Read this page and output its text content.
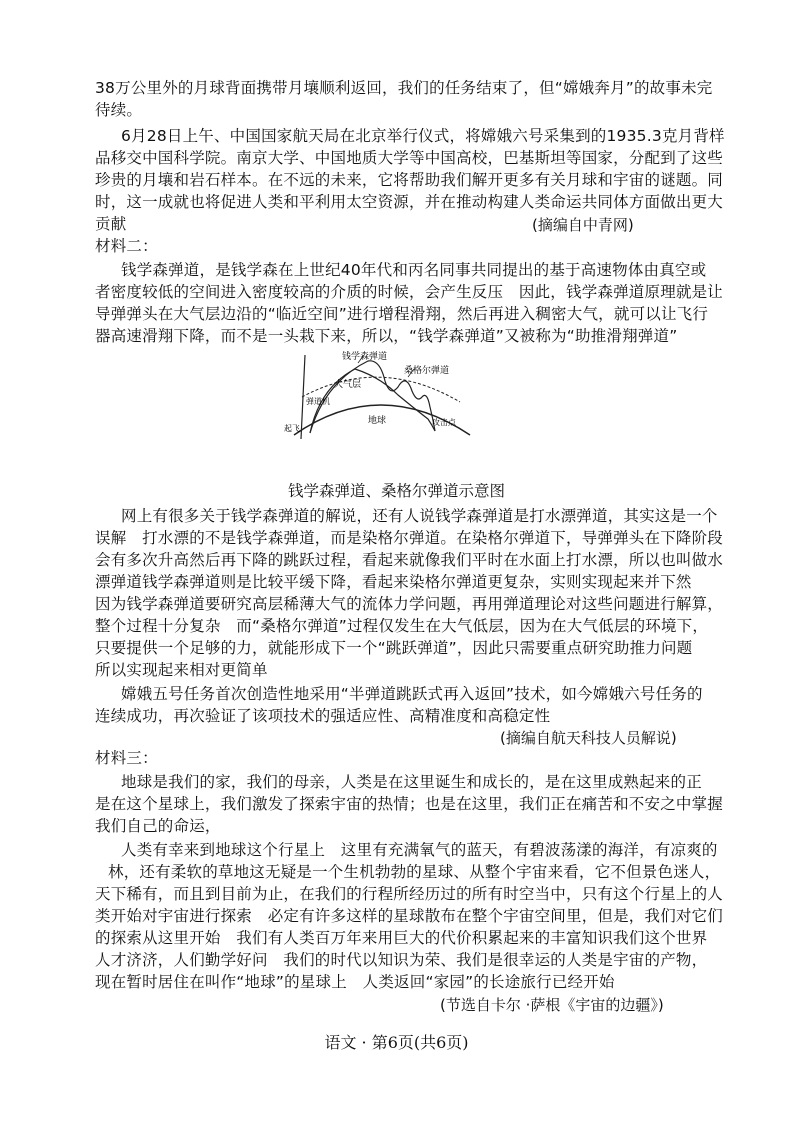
38万公里外的月球背面携带月壤顺利返回，我们的任务结束了，但“嫦娥奔月”的故事未完
待续。
6月28日上午、中国国家航天局在北京举行仪式，将嫦娥六号采集到的1935.3克月背样
品移交中国科学院。南京大学、中国地质大学等中国高校，巴基斯坦等国家，分配到了这些
珍贵的月壤和岩石样本。在不远的未来，它将帮助我们解开更多有关月球和宇宙的谜题。同
时，这一成就也将促进人类和平利用太空资源，并在推动构建人类命运共同体方面做出更大
贡献	(摘编自中青网)
材料二：
钱学森弹道，是钱学森在上世纪40年代和丙名同事共同提出的基于高速物体由真空或
者密度较低的空间进入密度较高的介质的时候，会产生反压　因此，钱学森弹道原理就是让
导弹弹头在大气层边沿的“临近空间”进行增程滑翔，然后再进入稠密大气，就可以让飞行
器高速滑翔下降，而不是一头栽下来，所以，“钱学森弹道”又被称为“助推滑翔弹道”
钱学森弹道
桑格尔弹道
大气层
弹道机
地球
起飞
攻击点
钱学森弹道、桑格尔弹道示意图
网上有很多关于钱学森弹道的解说，还有人说钱学森弹道是打水漂弹道，其实这是一个
误解　打水漂的不是钱学森弹道，而是染格尔弹道。在染格尔弹道下，导弹弹头在下降阶段
会有多次升高然后再下降的跳跃过程，看起来就像我们平时在水面上打水漂，所以也叫做水
漂弹道钱学森弹道则是比较平缓下降，看起来染格尔弹道更复杂，实则实现起来并下然
因为钱学森弹道要研究高层稀薄大气的流体力学问题，再用弹道理论对这些问题进行解算，
整个过程十分复杂　而“桑格尔弹道”过程仅发生在大气低层，因为在大气低层的环境下，
只要提供一个足够的力，就能形成下一个“跳跃弹道”，因此只需要重点研究助推力问题
所以实现起来相对更简单
嫦娥五号任务首次创造性地采用“半弹道跳跃式再入返回”技术，如今嫦娥六号任务的
连续成功，再次验证了该项技术的强适应性、高精准度和高稳定性
(摘编自航天科技人员解说)
材料三：
地球是我们的家，我们的母亲，人类是在这里诞生和成长的，是在这里成熟起来的正
是在这个星球上，我们激发了探索宇宙的热情；也是在这里，我们正在痛苦和不安之中掌握
我们自己的命运，
人类有幸来到地球这个行星上　这里有充满氧气的蓝天，有碧波荡漾的海洋，有凉爽的
林，还有柔软的草地这无疑是一个生机勃勃的星球、从整个宇宙来看，它不但景色迷人，
天下稀有，而且到目前为止，在我们的行程所经历过的所有时空当中，只有这个行星上的人
类开始对宇宙进行探索　必定有许多这样的星球散布在整个宇宙空间里，但是，我们对它们
的探索从这里开始　我们有人类百万年来用巨大的代价积累起来的丰富知识我们这个世界
人才济济，人们勤学好问　我们的时代以知识为荣、我们是很幸运的人类是宇宙的产物，
现在暂时居住在叫作“地球”的星球上　人类返回“家园”的长途旅行已经开始
(节选自卡尔 ·萨根《宇宙的边疆》)
语文 · 第6页(共6页)
